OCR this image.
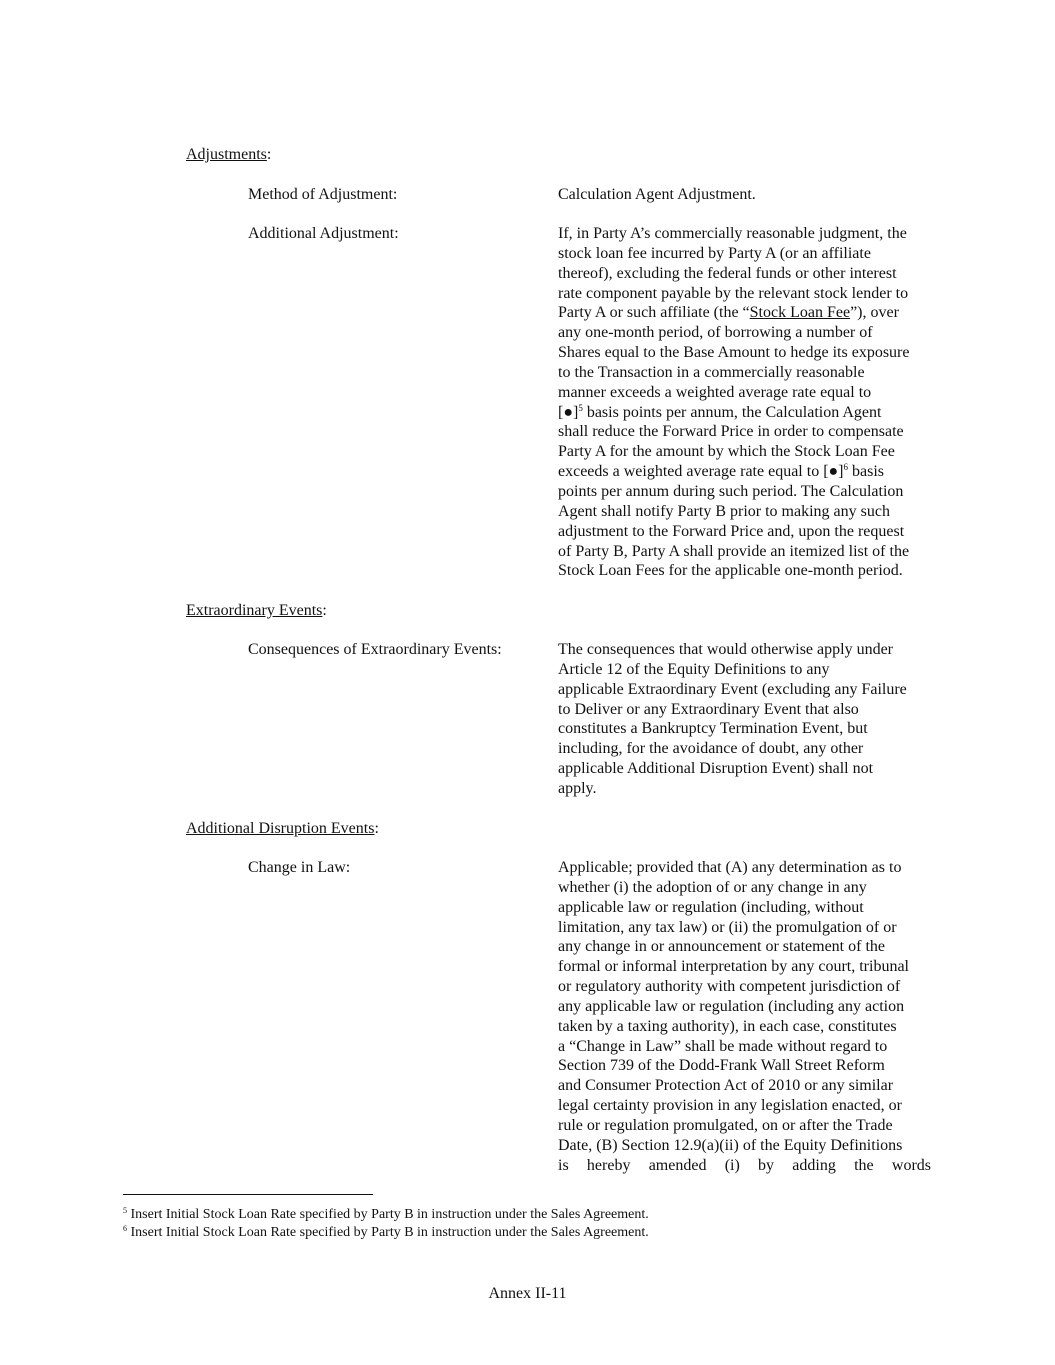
Adjustments:
Method of Adjustment:	Calculation Agent Adjustment.
Additional Adjustment:	If, in Party A’s commercially reasonable judgment, the
stock loan fee incurred by Party A (or an affiliate
thereof), excluding the federal funds or other interest
rate component payable by the relevant stock lender to
Party A or such affiliate (the “Stock Loan Fee”), over
any one-month period, of borrowing a number of
Shares equal to the Base Amount to hedge its exposure
to the Transaction in a commercially reasonable
manner exceeds a weighted average rate equal to
[●]$^5$ basis points per annum, the Calculation Agent
shall reduce the Forward Price in order to compensate
Party A for the amount by which the Stock Loan Fee
exceeds a weighted average rate equal to [●]$^6$ basis
points per annum during such period. The Calculation
Agent shall notify Party B prior to making any such
adjustment to the Forward Price and, upon the request
of Party B, Party A shall provide an itemized list of the
Stock Loan Fees for the applicable one-month period.
Extraordinary Events:
Consequences of Extraordinary Events:	The consequences that would otherwise apply under
Article 12 of the Equity Definitions to any
applicable Extraordinary Event (excluding any Failure
to Deliver or any Extraordinary Event that also
constitutes a Bankruptcy Termination Event, but
including, for the avoidance of doubt, any other
applicable Additional Disruption Event) shall not
apply.
Additional Disruption Events:
Change in Law:	Applicable; provided that (A) any determination as to
whether (i) the adoption of or any change in any
applicable law or regulation (including, without
limitation, any tax law) or (ii) the promulgation of or
any change in or announcement or statement of the
formal or informal interpretation by any court, tribunal
or regulatory authority with competent jurisdiction of
any applicable law or regulation (including any action
taken by a taxing authority), in each case, constitutes
a “Change in Law” shall be made without regard to
Section 739 of the Dodd-Frank Wall Street Reform
and Consumer Protection Act of 2010 or any similar
legal certainty provision in any legislation enacted, or
rule or regulation promulgated, on or after the Trade
Date, (B) Section 12.9(a)(ii) of the Equity Definitions
is hereby amended (i) by adding the words
$^5$ Insert Initial Stock Loan Rate specified by Party B in instruction under the Sales Agreement.
$^6$ Insert Initial Stock Loan Rate specified by Party B in instruction under the Sales Agreement.
Annex II-11
